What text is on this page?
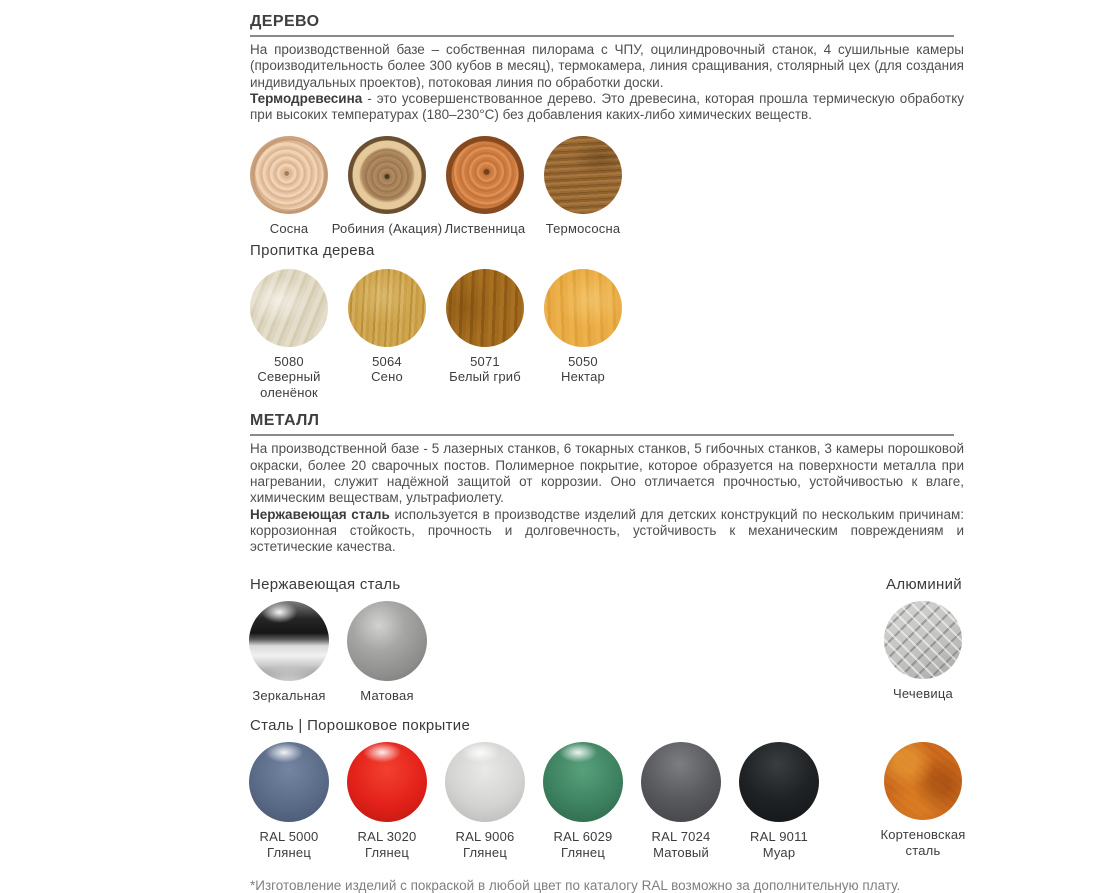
ДЕРЕВО

На производственной базе – собственная пилорама с ЧПУ, оцилиндровочный станок, 4 сушильные камеры (производительность более 300 кубов в месяц), термокамера, линия сращивания, столярный цех (для создания индивидуальных проектов), потоковая линия по обработки доски.

Термодревесина - это усовершенствованное дерево. Это древесина, которая прошла термическую обработку при высоких температурах (180–230°C) без добавления каких-либо химических веществ.

Сосна	Робиния (Акация) Лиственница	Термососна
Пропитка дерева
5080
Северный
оленёнок
5064
Сено
5071
Белый гриб
5050
Нектар
МЕТАЛЛ

На производственной базе - 5 лазерных станков, 6 токарных станков, 5 гибочных станков, 3 камеры порошковой окраски, более 20 сварочных постов. Полимерное покрытие, которое образуется на поверхности металла при нагревании, служит надёжной защитой от коррозии. Оно отличается прочностью, устойчивостью к влаге, химическим веществам, ультрафиолету.

Нержавеющая сталь используется в производстве изделий для детских конструкций по нескольким причинам: коррозионная стойкость, прочность и долговечность, устойчивость к механическим повреждениям и эстетические качества.

Нержавеющая сталь	Алюминий
Зеркальная	Матовая	Чечевица
Сталь | Порошковое покрытие
RAL 5000
Глянец
RAL 3020
Глянец
RAL 9006
Глянец
RAL 6029
Глянец
RAL 7024
Матовый
RAL 9011
Муар
Кортеновская
сталь

*Изготовление изделий с покраской в любой цвет по каталогу RAL возможно за дополнительную плату.
